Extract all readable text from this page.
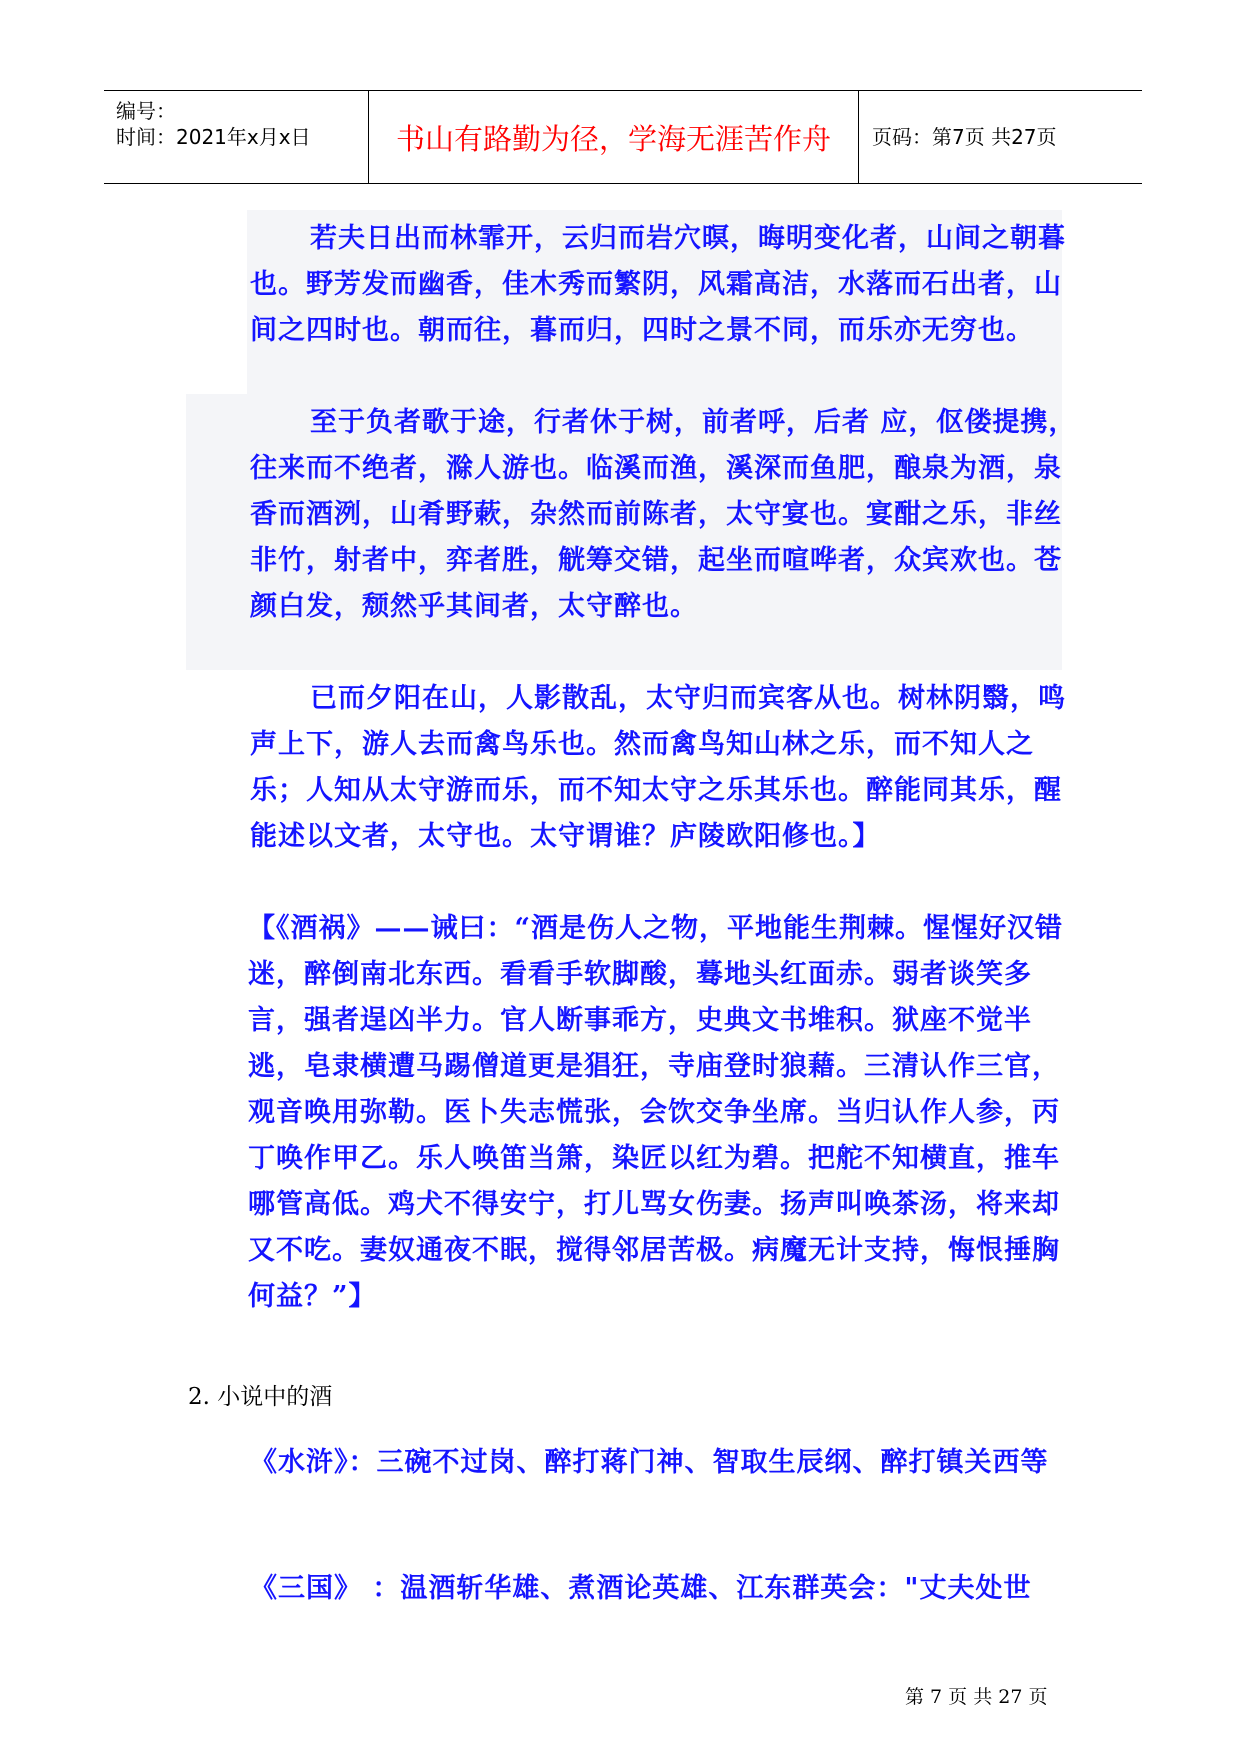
编号：
时间：2021年x月x日	书山有路勤为径，学海无涯苦作舟	页码：第7页 共27页

若夫日出而林霏开，云归而岩穴暝，晦明变化者，山间之朝暮也。野芳发而幽香，佳木秀而繁阴，风霜高洁，水落而石出者，山间之四时也。朝而往，暮而归，四时之景不同，而乐亦无穷也。

至于负者歌于途，行者休于树，前者呼，后者 应，伛偻提携，往来而不绝者，滁人游也。临溪而渔，溪深而鱼肥，酿泉为酒，泉香而酒洌，山肴野蔌，杂然而前陈者，太守宴也。宴酣之乐，非丝非竹，射者中，弈者胜，觥筹交错，起坐而喧哗者，众宾欢也。苍颜白发，颓然乎其间者，太守醉也。

已而夕阳在山，人影散乱，太守归而宾客从也。树林阴翳，鸣声上下，游人去而禽鸟乐也。然而禽鸟知山林之乐，而不知人之乐；人知从太守游而乐，而不知太守之乐其乐也。醉能同其乐，醒能述以文者，太守也。太守谓谁？庐陵欧阳修也。】

【《酒祸》——诫曰：“酒是伤人之物，平地能生荆棘。惺惺好汉错迷，醉倒南北东西。看看手软脚酸，蓦地头红面赤。弱者谈笑多言，强者逞凶半力。官人断事乖方，史典文书堆积。狱座不觉半逃，皂隶横遭马踢僧道更是猖狂，寺庙登时狼藉。三清认作三官，观音唤用弥勒。医卜失志慌张，会饮交争坐席。当归认作人参，丙丁唤作甲乙。乐人唤笛当箫，染匠以红为碧。把舵不知横直，推车哪管高低。鸡犬不得安宁，打儿骂女伤妻。扬声叫唤茶汤，将来却又不吃。妻奴通夜不眠，搅得邻居苦极。病魔无计支持，悔恨捶胸何益？”】

2. 小说中的酒

《水浒》：三碗不过岗、醉打蒋门神、智取生辰纲、醉打镇关西等

《三国》 ：温酒斩华雄、煮酒论英雄、江东群英会："丈夫处世

第 7 页 共 27 页
